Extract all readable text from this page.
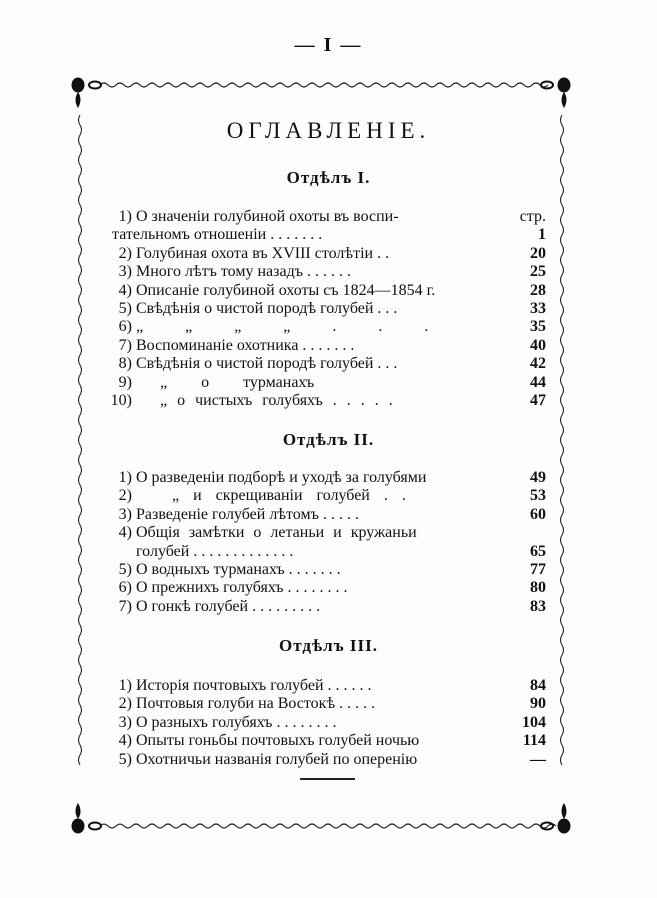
— I —
ОГЛАВЛЕНІЕ.
Отдѣлъ I.
стр.
1) О значеніи голубиной охоты въ воспи-
тательномъ отношеніи . . . . . . .	1
2) Голубиная охота въ XVIII столѣтіи . .	20
3) Много лѣтъ тому назадъ . . . . . .	25
4) Описаніе голубиной охоты съ 1824—1854 г.	28
5) Свѣдѣнія о чистой породѣ голубей . . .	33
6) „ „ „ „ . . .	35
7) Воспоминаніе охотника . . . . . . .	40
8) Свѣдѣнія о чистой породѣ голубей . . .	42
9) „ о турманахъ	44
10) „ о чистыхъ голубяхъ . . . . .	47
Отдѣлъ II.
1) О разведеніи подборѣ и уходѣ за голубями	49
2)	„ и скрещиваніи голубей . .	53
3) Разведеніе голубей лѣтомъ . . . . .	60
4) Общія замѣтки о летаньи и кружаньи
голубей . . . . . . . . . . . . .	65
5) О водныхъ турманахъ . . . . . . .	77
6) О прежнихъ голубяхъ . . . . . . . .	80
7) О гонкѣ голубей . . . . . . . . .	83
Отдѣлъ III.
1) Исторія почтовыхъ голубей . . . . . .	84
2) Почтовыя голуби на Востокѣ . . . . .	90
3) О разныхъ голубяхъ . . . . . . . .	104
4) Опыты гоньбы почтовыхъ голубей ночью	114
5) Охотничьи названія голубей по оперенію	—
